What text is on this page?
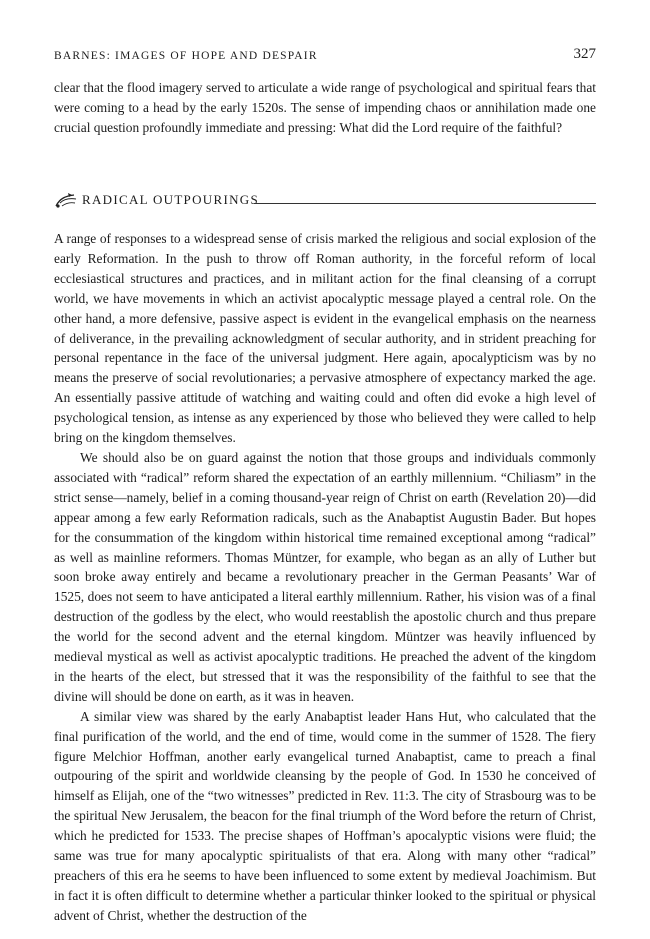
BARNES: IMAGES OF HOPE AND DESPAIR	327

clear that the flood imagery served to articulate a wide range of psychological and spiritual fears that were coming to a head by the early 1520s. The sense of impending chaos or annihilation made one crucial question profoundly immediate and pressing: What did the Lord require of the faithful?

RADICAL OUTPOURINGS

A range of responses to a widespread sense of crisis marked the religious and social explosion of the early Reformation. In the push to throw off Roman authority, in the forceful reform of local ecclesiastical structures and practices, and in militant action for the final cleansing of a corrupt world, we have movements in which an activist apocalyptic message played a central role. On the other hand, a more defensive, passive aspect is evident in the evangelical emphasis on the nearness of deliverance, in the prevailing acknowledgment of secular authority, and in strident preaching for personal repentance in the face of the universal judgment. Here again, apocalypticism was by no means the preserve of social revolutionaries; a pervasive atmosphere of expectancy marked the age. An essentially passive attitude of watching and waiting could and often did evoke a high level of psychological tension, as intense as any experienced by those who believed they were called to help bring on the kingdom themselves.

We should also be on guard against the notion that those groups and individuals commonly associated with “radical” reform shared the expectation of an earthly millennium. “Chiliasm” in the strict sense—namely, belief in a coming thousand-year reign of Christ on earth (Revelation 20)—did appear among a few early Reformation radicals, such as the Anabaptist Augustin Bader. But hopes for the consummation of the kingdom within historical time remained exceptional among “radical” as well as mainline reformers. Thomas Müntzer, for example, who began as an ally of Luther but soon broke away entirely and became a revolutionary preacher in the German Peasants’ War of 1525, does not seem to have anticipated a literal earthly millennium. Rather, his vision was of a final destruction of the godless by the elect, who would reestablish the apostolic church and thus prepare the world for the second advent and the eternal kingdom. Müntzer was heavily influenced by medieval mystical as well as activist apocalyptic traditions. He preached the advent of the kingdom in the hearts of the elect, but stressed that it was the responsibility of the faithful to see that the divine will should be done on earth, as it was in heaven.

A similar view was shared by the early Anabaptist leader Hans Hut, who calculated that the final purification of the world, and the end of time, would come in the summer of 1528. The fiery figure Melchior Hoffman, another early evangelical turned Anabaptist, came to preach a final outpouring of the spirit and worldwide cleansing by the people of God. In 1530 he conceived of himself as Elijah, one of the “two witnesses” predicted in Rev. 11:3. The city of Strasbourg was to be the spiritual New Jerusalem, the beacon for the final triumph of the Word before the return of Christ, which he predicted for 1533. The precise shapes of Hoffman’s apocalyptic visions were fluid; the same was true for many apocalyptic spiritualists of that era. Along with many other “radical” preachers of this era he seems to have been influenced to some extent by medieval Joachimism. But in fact it is often difficult to determine whether a particular thinker looked to the spiritual or physical advent of Christ, whether the destruction of the
